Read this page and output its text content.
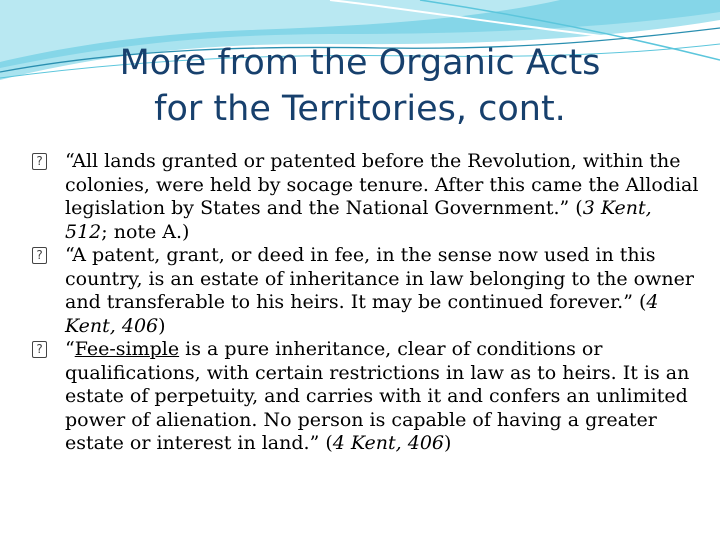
More from the Organic Acts
for the Territories, cont.

? “All lands granted or patented before the Revolution, within the colonies, were held by socage tenure. After this came the Allodial legislation by States and the National Government.” (3 Kent, 512; note A.)

? “A patent, grant, or deed in fee, in the sense now used in this country, is an estate of inheritance in law belonging to the owner and transferable to his heirs. It may be continued forever.” (4 Kent, 406)

? “Fee-simple is a pure inheritance, clear of conditions or qualifications, with certain restrictions in law as to heirs. It is an estate of perpetuity, and carries with it and confers an unlimited power of alienation. No person is capable of having a greater estate or interest in land.” (4 Kent, 406)
